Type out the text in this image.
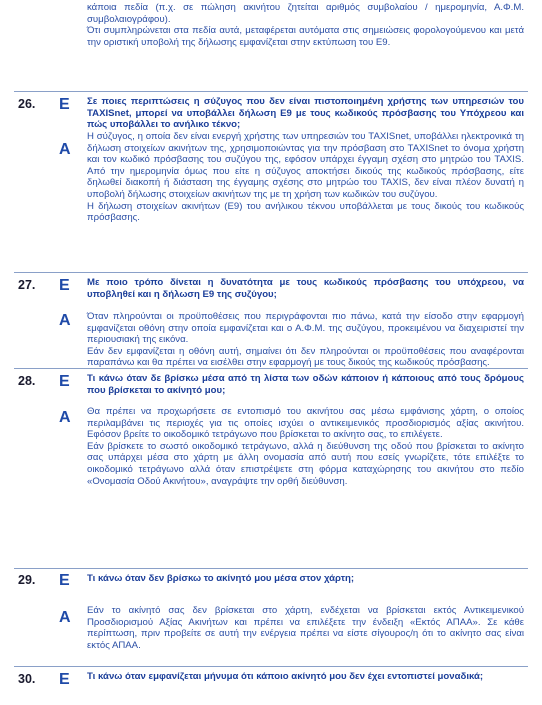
κάποια πεδία (π.χ. σε πώληση ακινήτου ζητείται αριθμός συμβολαίου / ημερομηνία, Α.Φ.Μ. συμβολαιογράφου).

Ότι συμπληρώνεται στα πεδία αυτά, μεταφέρεται αυτόματα στις σημειώσεις φορολογούμενου και μετά την οριστική υποβολή της δήλωσης εμφανίζεται στην εκτύπωση του Ε9.

26. Ε Σε ποιες περιπτώσεις η σύζυγος που δεν είναι πιστοποιημένη χρήστης των υπηρεσιών του TAXISnet, μπορεί να υποβάλλει δήλωση Ε9 με τους κωδικούς πρόσβασης του Υπόχρεου και πώς υποβάλλει το ανήλικο τέκνο;
Α

Η σύζυγος, η οποία δεν είναι ενεργή χρήστης των υπηρεσιών του TAXISnet, υποβάλλει ηλεκτρονικά τη δήλωση στοιχείων ακινήτων της, χρησιμοποιώντας για την πρόσβαση στο TAXISnet το όνομα χρήστη και τον κωδικό πρόσβασης του συζύγου της, εφόσον υπάρχει έγγαμη σχέση στο μητρώο του TAXIS. Από την ημερομηνία όμως που είτε η σύζυγος αποκτήσει δικούς της κωδικούς πρόσβασης, είτε δηλωθεί διακοπή ή διάσταση της έγγαμης σχέσης στο μητρώο του TAXIS, δεν είναι πλέον δυνατή η υποβολή δήλωσης στοιχείων ακινήτων της με τη χρήση των κωδικών του συζύγου.

Η δήλωση στοιχείων ακινήτων (Ε9) του ανήλικου τέκνου υποβάλλεται με τους δικούς του κωδικούς πρόσβασης.

27. Ε Με ποιο τρόπο δίνεται η δυνατότητα με τους κωδικούς πρόσβασης του υπόχρεου, να υποβληθεί και η δήλωση Ε9 της συζύγου;
Α Όταν πληρούνται οι προϋποθέσεις που περιγράφονται πιο πάνω, κατά την είσοδο στην εφαρμογή εμφανίζεται οθόνη στην οποία εμφανίζεται και ο Α.Φ.Μ. της συζύγου, προκειμένου να διαχειριστεί την περιουσιακή της εικόνα.

Εάν δεν εμφανίζεται η οθόνη αυτή, σημαίνει ότι δεν πληρούνται οι προϋποθέσεις που αναφέρονται παραπάνω και θα πρέπει να εισέλθει στην εφαρμογή με τους δικούς της κωδικούς πρόσβασης.

28. Ε Τι κάνω όταν δε βρίσκω μέσα από τη λίστα των οδών κάποιον ή κάποιους από τους δρόμους που βρίσκεται το ακίνητό μου;
Α Θα πρέπει να προχωρήσετε σε εντοπισμό του ακινήτου σας μέσω εμφάνισης χάρτη, ο οποίος περιλαμβάνει τις περιοχές για τις οποίες ισχύει ο αντικειμενικός προσδιορισμός αξίας ακινήτου. Εφόσον βρείτε το οικοδομικό τετράγωνο που βρίσκεται το ακίνητο σας, το επιλέγετε.

Εάν βρίσκετε το σωστό οικοδομικό τετράγωνο, αλλά η διεύθυνση της οδού που βρίσκεται το ακίνητο σας υπάρχει μέσα στο χάρτη με άλλη ονομασία από αυτή που εσείς γνωρίζετε, τότε επιλέξτε το οικοδομικό τετράγωνο αλλά όταν επιστρέψετε στη φόρμα καταχώρησης του ακινήτου στο πεδίο «Ονομασία Οδού Ακινήτου», αναγράψτε την ορθή διεύθυνση.

29. Ε Τι κάνω όταν δεν βρίσκω το ακίνητό μου μέσα στον χάρτη;
Α Εάν το ακίνητό σας δεν βρίσκεται στο χάρτη, ενδέχεται να βρίσκεται εκτός Αντικειμενικού Προσδιορισμού Αξίας Ακινήτων και πρέπει να επιλέξετε την ένδειξη «Εκτός ΑΠΑΑ». Σε κάθε περίπτωση, πριν προβείτε σε αυτή την ενέργεια πρέπει να είστε σίγουρος/η ότι το ακίνητο σας είναι εκτός ΑΠΑΑ.

30. Ε Τι κάνω όταν εμφανίζεται μήνυμα ότι κάποιο ακίνητό μου δεν έχει εντοπιστεί μοναδικά;
